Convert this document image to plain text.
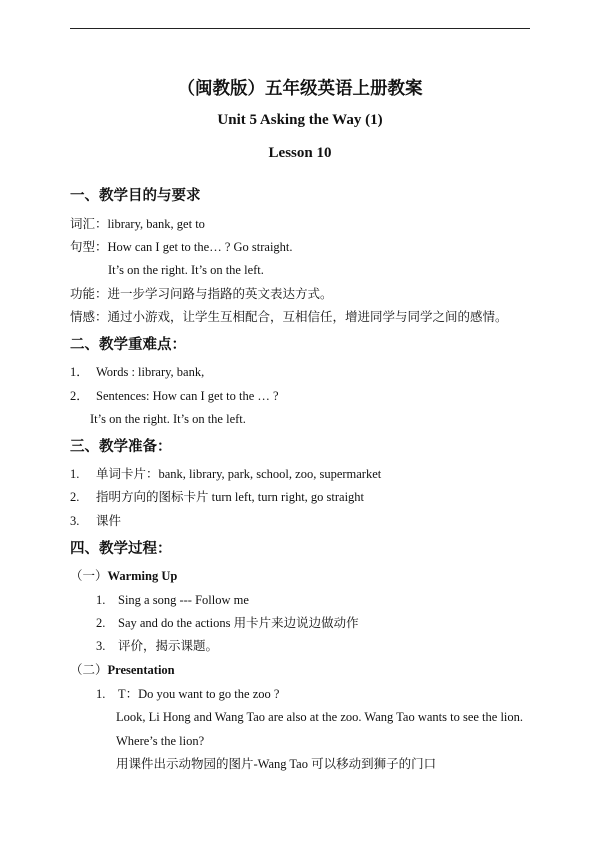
（闽教版）五年级英语上册教案
Unit 5 Asking the Way (1)
Lesson 10
一、教学目的与要求
词汇：library, bank, get to
句型：How can I get to the… ? Go straight.
It’s on the right. It’s on the left.
功能：进一步学习问路与指路的英文表达方式。
情感：通过小游戏，让学生互相配合，互相信任，增进同学与同学之间的感情。
二、教学重难点：
1． Words : library, bank,
2． Sentences: How can I get to the … ?
It’s on the right. It’s on the left.
三、教学准备：
1. 单词卡片：bank, library, park, school, zoo, supermarket
2. 指明方向的图标卡片 turn left, turn right, go straight
3. 课件
四、教学过程：
（一）Warming Up
1. Sing a song --- Follow me
2. Say and do the actions 用卡片来边说边做动作
3. 评价，揭示课题。
（二）Presentation
1. T：Do you want to go the zoo ?
Look, Li Hong and Wang Tao are also at the zoo. Wang Tao wants to see the lion.
Where’s the lion?
用课件出示动物园的图片-Wang Tao 可以移动到狮子的门口
